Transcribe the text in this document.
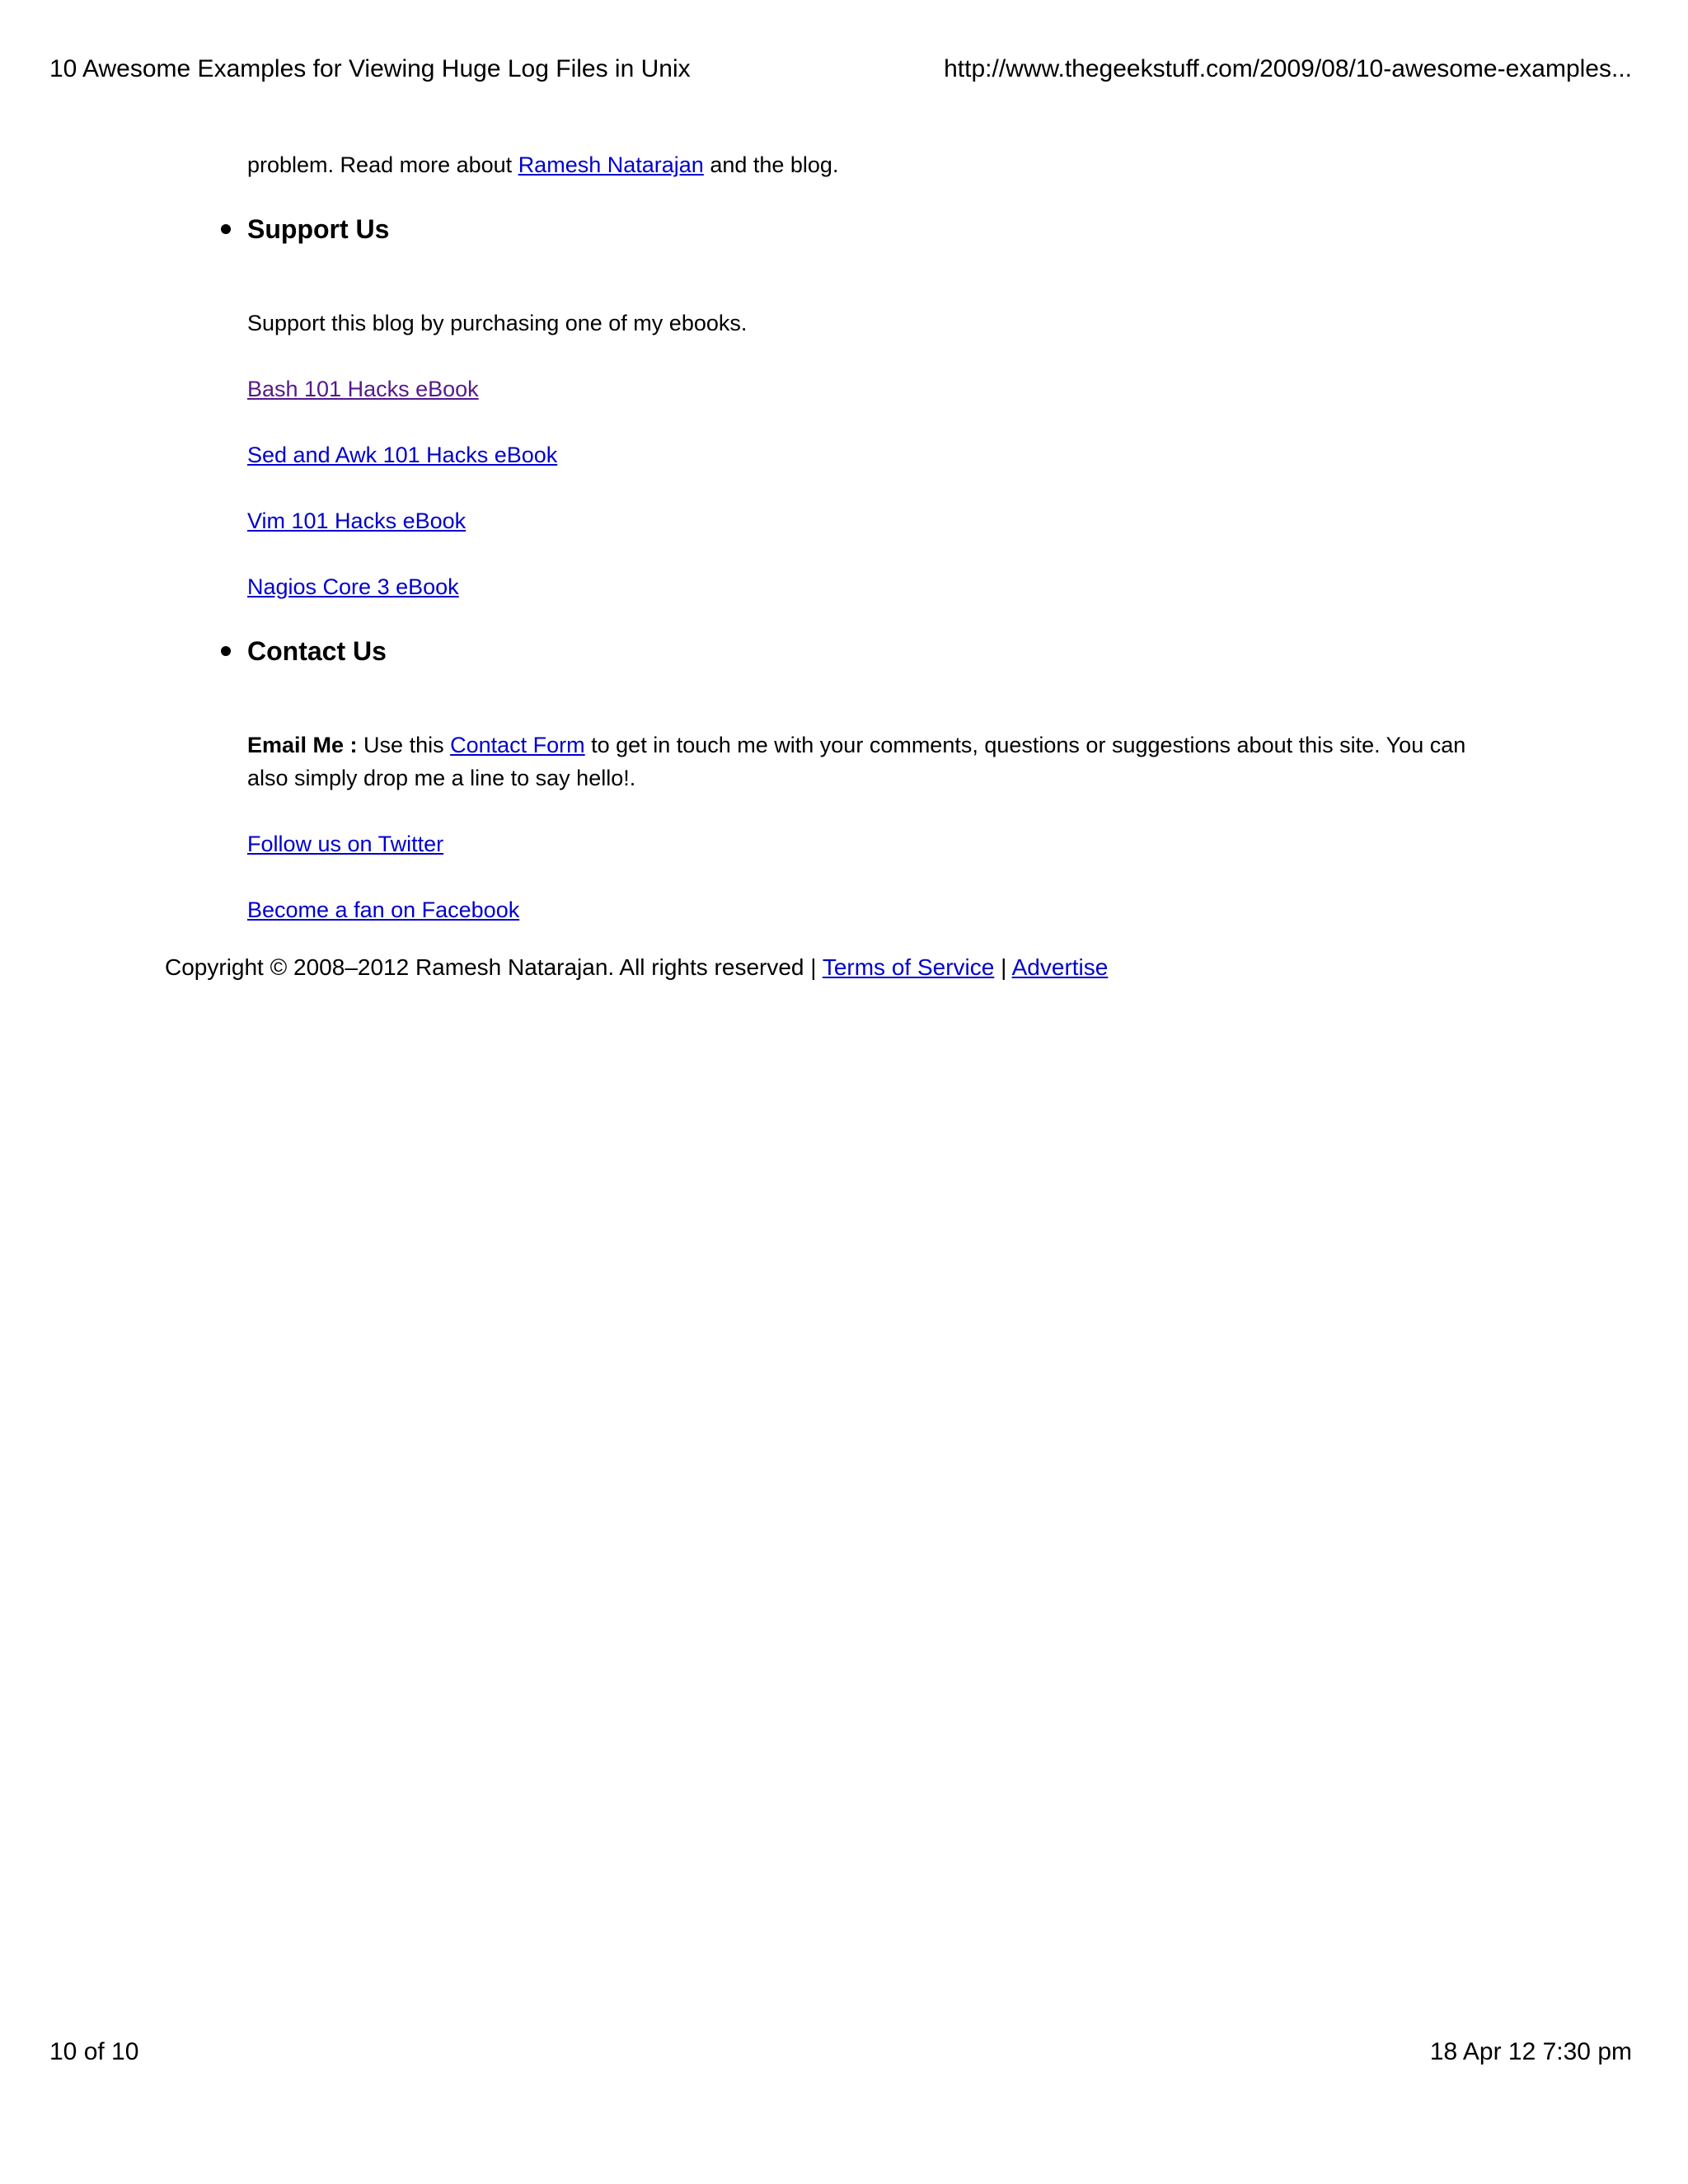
10 Awesome Examples for Viewing Huge Log Files in Unix	http://www.thegeekstuff.com/2009/08/10-awesome-examples...

problem. Read more about Ramesh Natarajan and the blog.

Support Us

Support this blog by purchasing one of my ebooks.

Bash 101 Hacks eBook

Sed and Awk 101 Hacks eBook

Vim 101 Hacks eBook

Nagios Core 3 eBook

Contact Us

Email Me : Use this Contact Form to get in touch me with your comments, questions or suggestions about this site. You can also simply drop me a line to say hello!.

Follow us on Twitter

Become a fan on Facebook

Copyright © 2008–2012 Ramesh Natarajan. All rights reserved | Terms of Service | Advertise

10 of 10	18 Apr 12 7:30 pm
